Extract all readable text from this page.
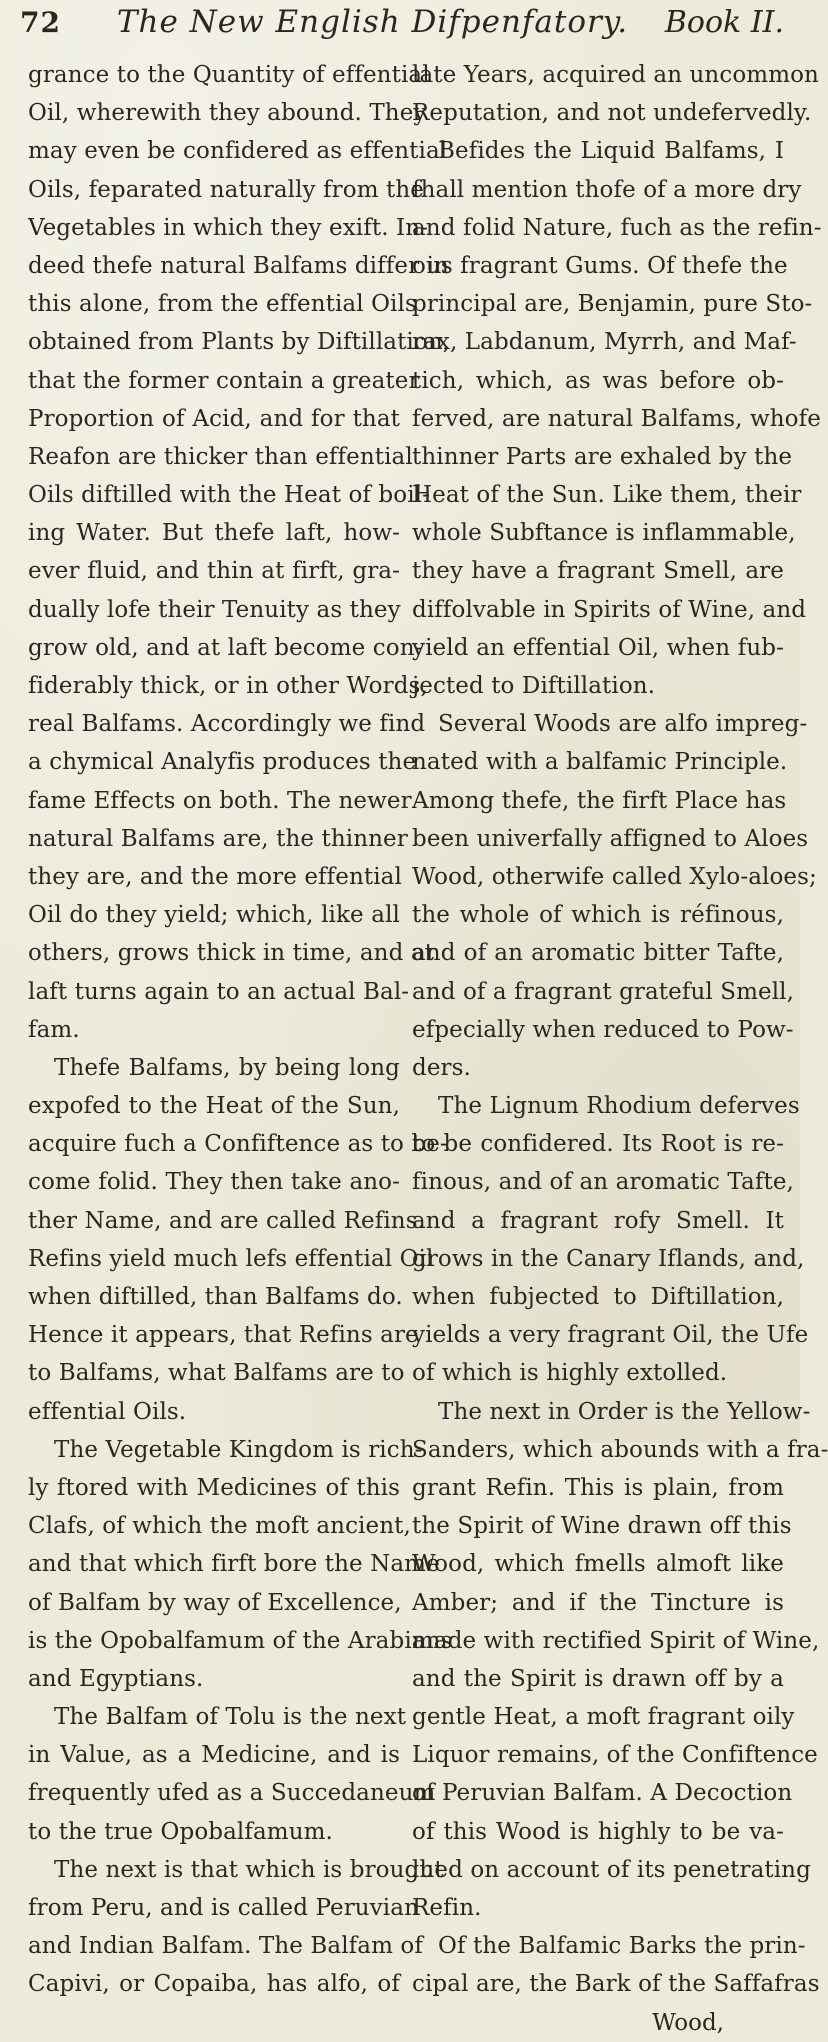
72	The New English Difpenfatory.	Book II.
grance to the Quantity of effential
Oil, wherewith they abound. They
may even be confidered as effential
Oils, feparated naturally from the
Vegetables in which they exift. In-
deed thefe natural Balfams differ in
this alone, from the effential Oils
obtained from Plants by Diftillation,
that the former contain a greater
Proportion of Acid, and for that
Reafon are thicker than effential
Oils diftilled with the Heat of boil-
ing Water. But thefe laft, how-
ever fluid, and thin at firft, gra-
dually lofe their Tenuity as they
grow old, and at laft become con-
fiderably thick, or in other Words,
real Balfams. Accordingly we find
a chymical Analyfis produces the
fame Effects on both. The newer
natural Balfams are, the thinner
they are, and the more effential
Oil do they yield; which, like all
others, grows thick in time, and at
laft turns again to an actual Bal-
fam.
Thefe Balfams, by being long
expofed to the Heat of the Sun,
acquire fuch a Confiftence as to be-
come folid. They then take ano-
ther Name, and are called Refins.
Refins yield much lefs effential Oil
when diftilled, than Balfams do.
Hence it appears, that Refins are
to Balfams, what Balfams are to
effential Oils.
The Vegetable Kingdom is rich-
ly ftored with Medicines of this
Clafs, of which the moft ancient,
and that which firft bore the Name
of Balfam by way of Excellence,
is the Opobalfamum of the Arabians
and Egyptians.
The Balfam of Tolu is the next
in Value, as a Medicine, and is
frequently ufed as a Succedaneum
to the true Opobalfamum.
The next is that which is brought
from Peru, and is called Peruvian
and Indian Balfam. The Balfam of
Capivi, or Copaiba, has alfo, of
late Years, acquired an uncommon
Reputation, and not undefervedly.
Befides the Liquid Balfams, I
fhall mention thofe of a more dry
and folid Nature, fuch as the refin-
ous fragrant Gums. Of thefe the
principal are, Benjamin, pure Sto-
rax, Labdanum, Myrrh, and Maf-
tich, which, as was before ob-
ferved, are natural Balfams, whofe
thinner Parts are exhaled by the
Heat of the Sun. Like them, their
whole Subftance is inflammable,
they have a fragrant Smell, are
diffolvable in Spirits of Wine, and
yield an effential Oil, when fub-
jected to Diftillation.
Several Woods are alfo impreg-
nated with a balfamic Principle.
Among thefe, the firft Place has
been univerfally affigned to Aloes
Wood, otherwife called Xylo-aloes;
the whole of which is réfinous,
and of an aromatic bitter Tafte,
and of a fragrant grateful Smell,
efpecially when reduced to Pow-
ders.
The Lignum Rhodium deferves
to be confidered. Its Root is re-
finous, and of an aromatic Tafte,
and a fragrant rofy Smell. It
grows in the Canary Iflands, and,
when fubjected to Diftillation,
yields a very fragrant Oil, the Ufe
of which is highly extolled.
The next in Order is the Yellow-
Sanders, which abounds with a fra-
grant Refin. This is plain, from
the Spirit of Wine drawn off this
Wood, which fmells almoft like
Amber; and if the Tincture is
made with rectified Spirit of Wine,
and the Spirit is drawn off by a
gentle Heat, a moft fragrant oily
Liquor remains, of the Confiftence
of Peruvian Balfam. A Decoction
of this Wood is highly to be va-
lued on account of its penetrating
Refin.
Of the Balfamic Barks the prin-
cipal are, the Bark of the Saffafras
Wood,
